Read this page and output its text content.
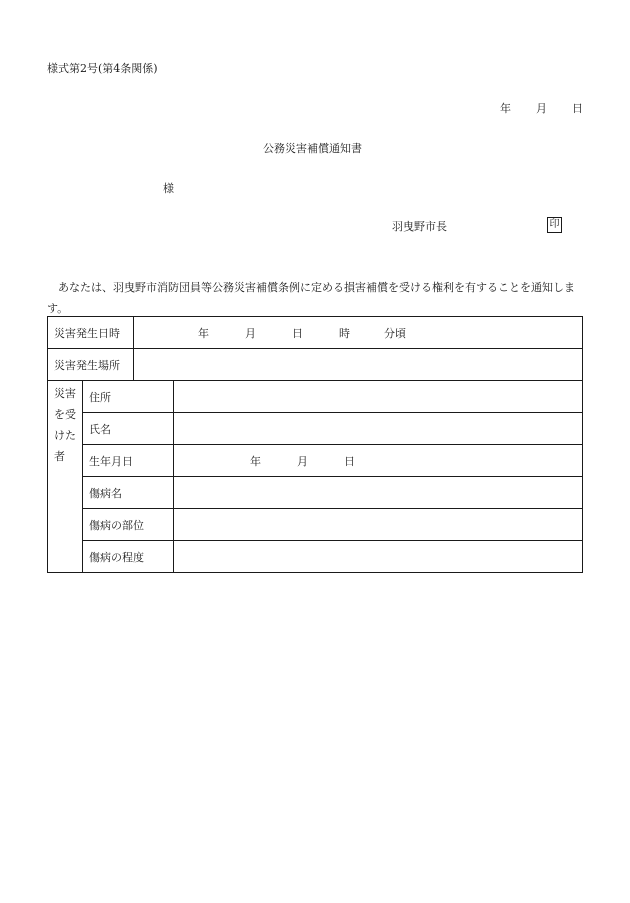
様式第2号(第4条関係)
年 月 日
公務災害補償通知書
様
羽曳野市長	印
あなたは、羽曳野市消防団員等公務災害補償条例に定める損害補償を受ける権利を有することを通知します。
災害発生日時		年 月 日 時 分頃	
災害発生場所			

災害
を受
けた
者	住所		
	氏名		
	生年月日		年 月 日
	傷病名		
	傷病の部位		
	傷病の程度		
